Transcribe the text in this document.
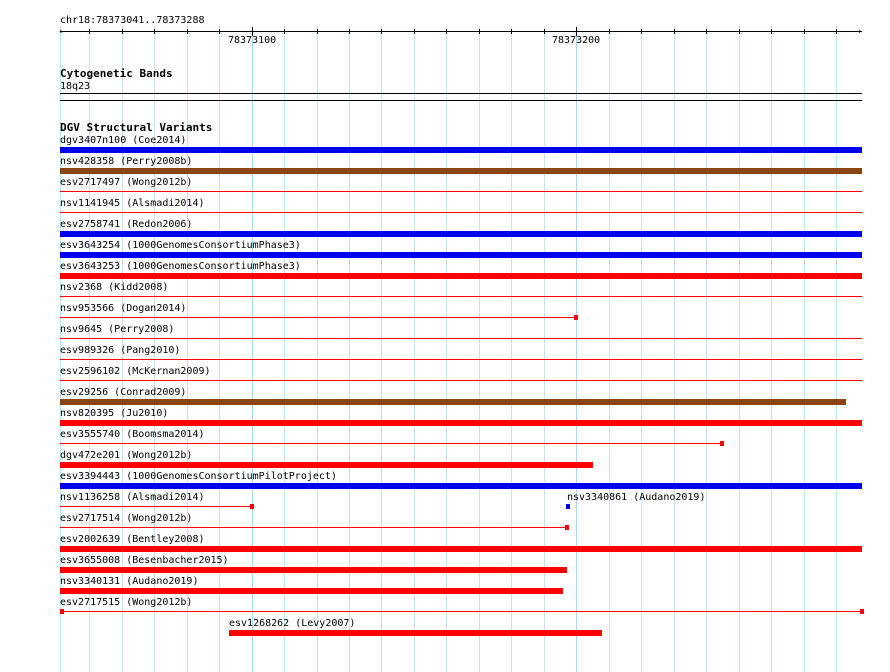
chr18:78373041..78373288
‹	›
78373100	78373200
Cytogenetic Bands
18q23
DGV Structural Variants
dgv3407n100 (Coe2014)
nsv428358 (Perry2008b)
esv2717497 (Wong2012b)
nsv1141945 (Alsmadi2014)
esv2758741 (Redon2006)
esv3643254 (1000GenomesConsortiumPhase3)
esv3643253 (1000GenomesConsortiumPhase3)
nsv2368 (Kidd2008)
nsv953566 (Dogan2014)
nsv9645 (Perry2008)
esv989326 (Pang2010)
esv2596102 (McKernan2009)
esv29256 (Conrad2009)
nsv820395 (Ju2010)
esv3555740 (Boomsma2014)
dgv472e201 (Wong2012b)
esv3394443 (1000GenomesConsortiumPilotProject)
nsv1136258 (Alsmadi2014)	nsv3340861 (Audano2019)
esv2717514 (Wong2012b)
esv2002639 (Bentley2008)
esv3655008 (Besenbacher2015)
nsv3340131 (Audano2019)
esv2717515 (Wong2012b)
esv1268262 (Levy2007)
